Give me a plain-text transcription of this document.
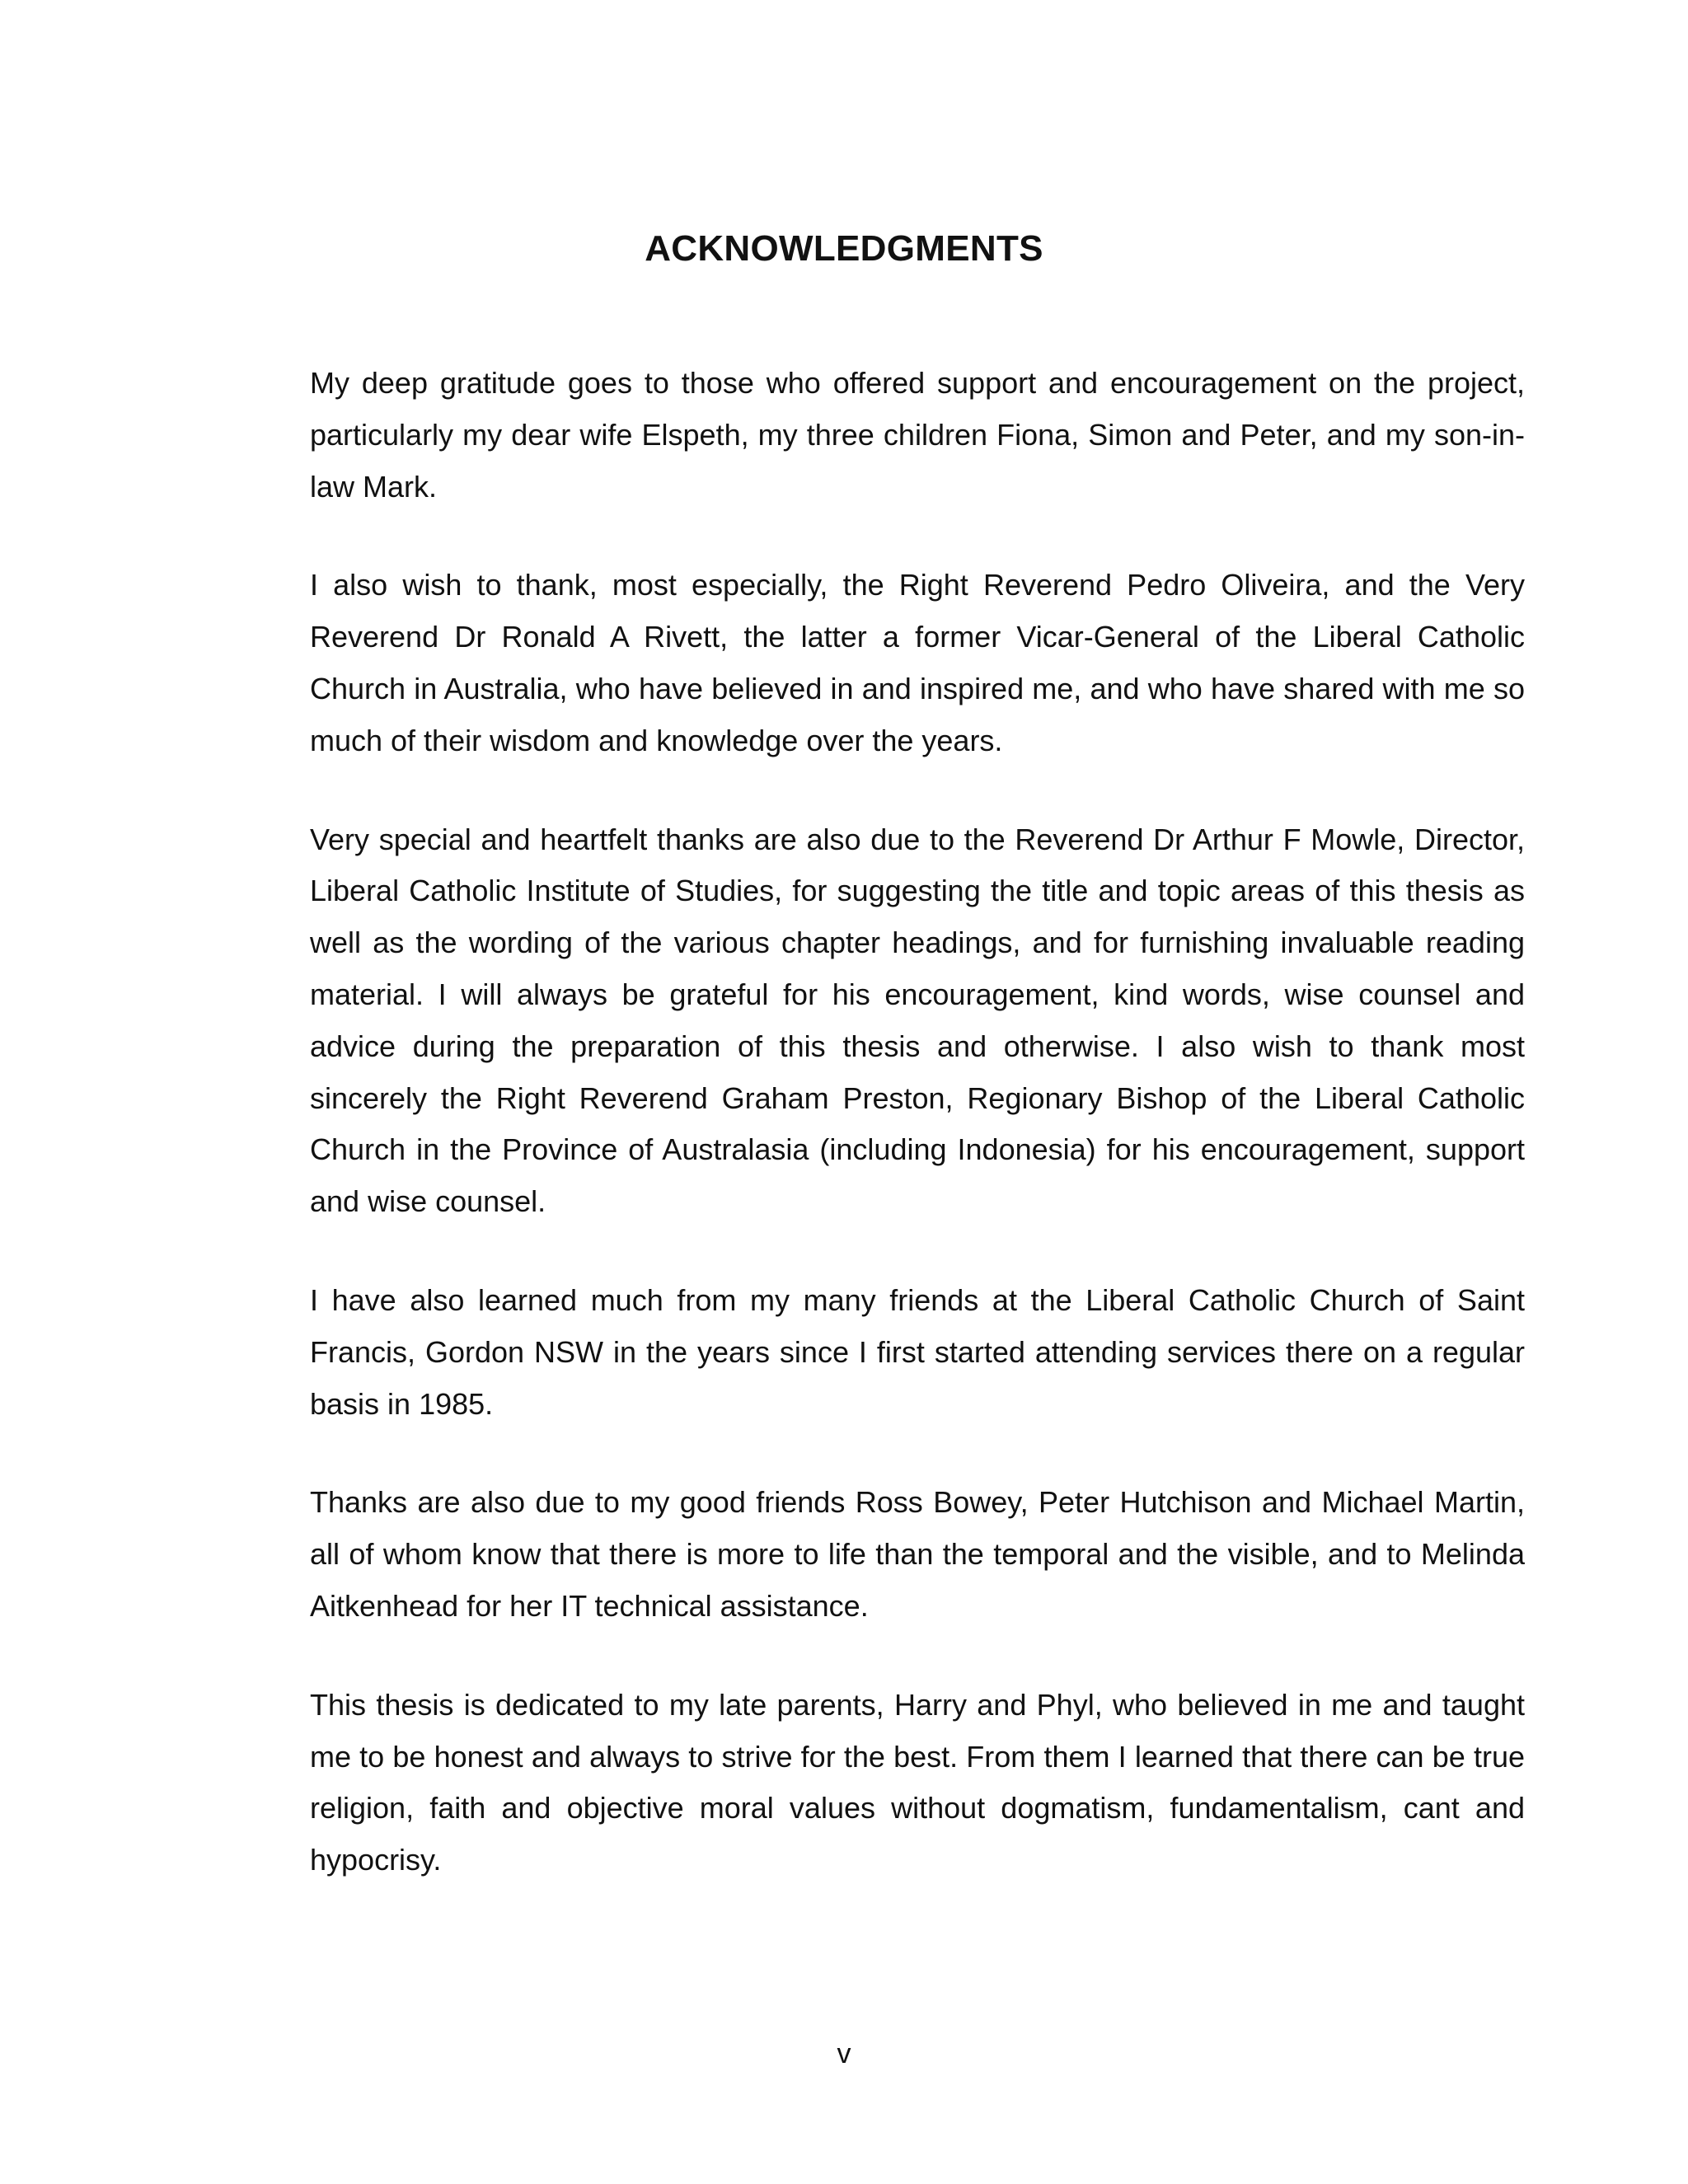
ACKNOWLEDGMENTS

My deep gratitude goes to those who offered support and encouragement on the project, particularly my dear wife Elspeth, my three children Fiona, Simon and Peter, and my son-in-law Mark.

I also wish to thank, most especially, the Right Reverend Pedro Oliveira, and the Very Reverend Dr Ronald A Rivett, the latter a former Vicar-General of the Liberal Catholic Church in Australia, who have believed in and inspired me, and who have shared with me so much of their wisdom and knowledge over the years.

Very special and heartfelt thanks are also due to the Reverend Dr Arthur F Mowle, Director, Liberal Catholic Institute of Studies, for suggesting the title and topic areas of this thesis as well as the wording of the various chapter headings, and for furnishing invaluable reading material. I will always be grateful for his encouragement, kind words, wise counsel and advice during the preparation of this thesis and otherwise. I also wish to thank most sincerely the Right Reverend Graham Preston, Regionary Bishop of the Liberal Catholic Church in the Province of Australasia (including Indonesia) for his encouragement, support and wise counsel.

I have also learned much from my many friends at the Liberal Catholic Church of Saint Francis, Gordon NSW in the years since I first started attending services there on a regular basis in 1985.

Thanks are also due to my good friends Ross Bowey, Peter Hutchison and Michael Martin, all of whom know that there is more to life than the temporal and the visible, and to Melinda Aitkenhead for her IT technical assistance.

This thesis is dedicated to my late parents, Harry and Phyl, who believed in me and taught me to be honest and always to strive for the best. From them I learned that there can be true religion, faith and objective moral values without dogmatism, fundamentalism, cant and hypocrisy.

v
